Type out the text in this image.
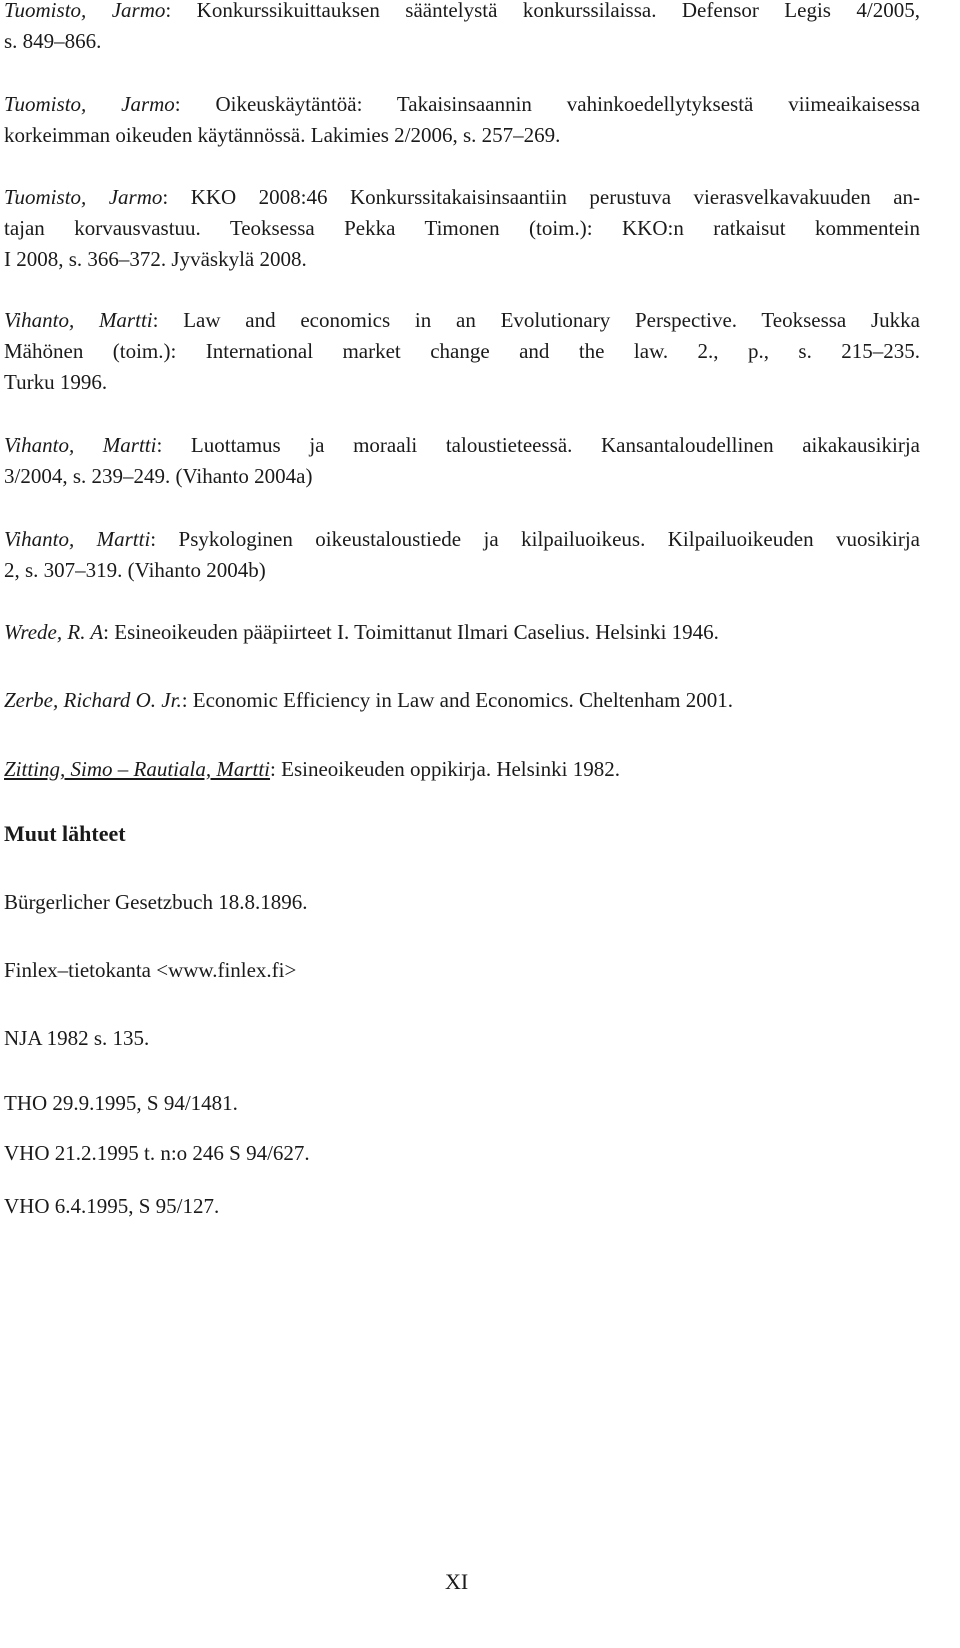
Tuomisto, Jarmo: Konkurssikuittauksen sääntelystä konkurssilaissa. Defensor Legis 4/2005,
s. 849–866.
Tuomisto, Jarmo: Oikeuskäytäntöä: Takaisinsaannin vahinkoedellytyksestä viimeaikaisessa
korkeimman oikeuden käytännössä. Lakimies 2/2006, s. 257–269.
Tuomisto, Jarmo: KKO 2008:46 Konkurssitakaisinsaantiin perustuva vierasvelkavakuuden an-
tajan korvausvastuu. Teoksessa Pekka Timonen (toim.): KKO:n ratkaisut kommentein
I 2008, s. 366–372. Jyväskylä 2008.
Vihanto, Martti: Law and economics in an Evolutionary Perspective. Teoksessa Jukka
Mähönen (toim.): International market change and the law. 2., p., s. 215–235.
Turku 1996.
Vihanto, Martti: Luottamus ja moraali taloustieteessä. Kansantaloudellinen aikakausikirja
3/2004, s. 239–249. (Vihanto 2004a)
Vihanto, Martti: Psykologinen oikeustaloustiede ja kilpailuoikeus. Kilpailuoikeuden vuosikirja
2, s. 307–319. (Vihanto 2004b)

Wrede, R. A: Esineoikeuden pääpiirteet I. Toimittanut Ilmari Caselius. Helsinki 1946.

Zerbe, Richard O. Jr.: Economic Efficiency in Law and Economics. Cheltenham 2001.

Zitting, Simo – Rautiala, Martti: Esineoikeuden oppikirja. Helsinki 1982.

Muut lähteet

Bürgerlicher Gesetzbuch 18.8.1896.

Finlex–tietokanta <www.finlex.fi>

NJA 1982 s. 135.

THO 29.9.1995, S 94/1481.

VHO 21.2.1995 t. n:o 246 S 94/627.

VHO 6.4.1995, S 95/127.

XI
